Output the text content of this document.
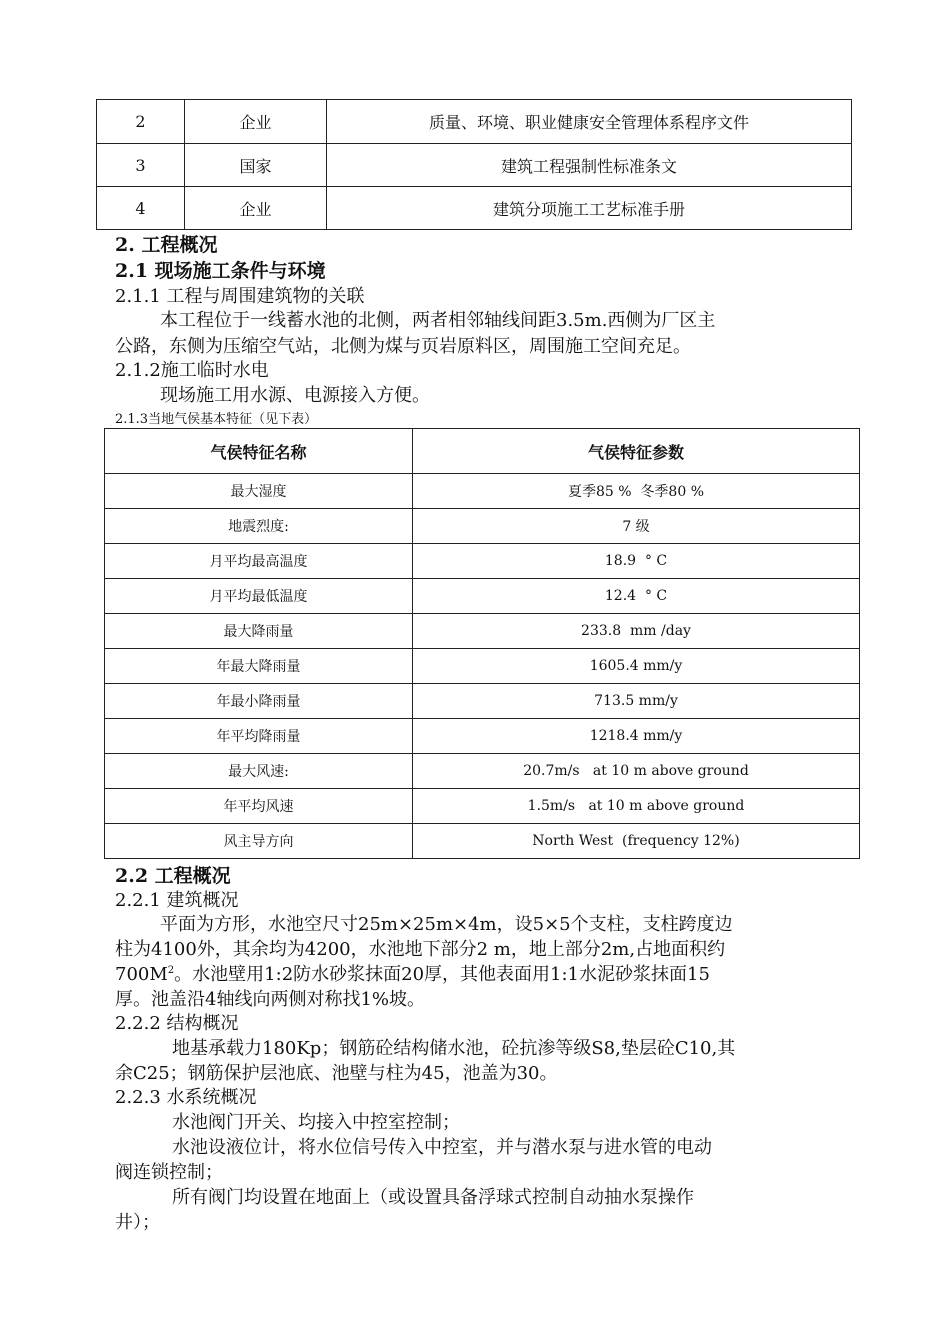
2	企业	质量、环境、职业健康安全管理体系程序文件
3	国家	建筑工程强制性标准条文
4	企业	建筑分项施工工艺标准手册
2. 工程概况
2.1 现场施工条件与环境
2.1.1 工程与周围建筑物的关联
本工程位于一线蓄水池的北侧，两者相邻轴线间距3.5m.西侧为厂区主
公路，东侧为压缩空气站，北侧为煤与页岩原料区，周围施工空间充足。
2.1.2施工临时水电
现场施工用水源、电源接入方便。
2.1.3当地气侯基本特征（见下表）
气侯特征名称	气侯特征参数
最大湿度	夏季85 %  冬季80 %
地震烈度:	7 级
月平均最高温度	18.9  ° C
月平均最低温度	12.4  ° C
最大降雨量	233.8  mm /day
年最大降雨量	1605.4 mm/y
年最小降雨量	713.5 mm/y
年平均降雨量	1218.4 mm/y
最大风速:	20.7m/s   at 10 m above ground
年平均风速	1.5m/s   at 10 m above ground
风主导方向	North West  (frequency 12%)
2.2 工程概况
2.2.1 建筑概况
平面为方形，水池空尺寸25m×25m×4m，设5×5个支柱，支柱跨度边
柱为4100外，其余均为4200，水池地下部分2 m，地上部分2m,占地面积约
$700M^2$。水池壁用1:2防水砂浆抹面20厚，其他表面用1:1水泥砂浆抹面15
厚。池盖沿4轴线向两侧对称找1%坡。
2.2.2 结构概况
地基承载力180Kp；钢筋砼结构储水池，砼抗渗等级S8,垫层砼C10,其
余C25；钢筋保护层池底、池壁与柱为45，池盖为30。
2.2.3 水系统概况
水池阀门开关、均接入中控室控制；
水池设液位计，将水位信号传入中控室，并与潜水泵与进水管的电动
阀连锁控制；
所有阀门均设置在地面上（或设置具备浮球式控制自动抽水泵操作
井）；
